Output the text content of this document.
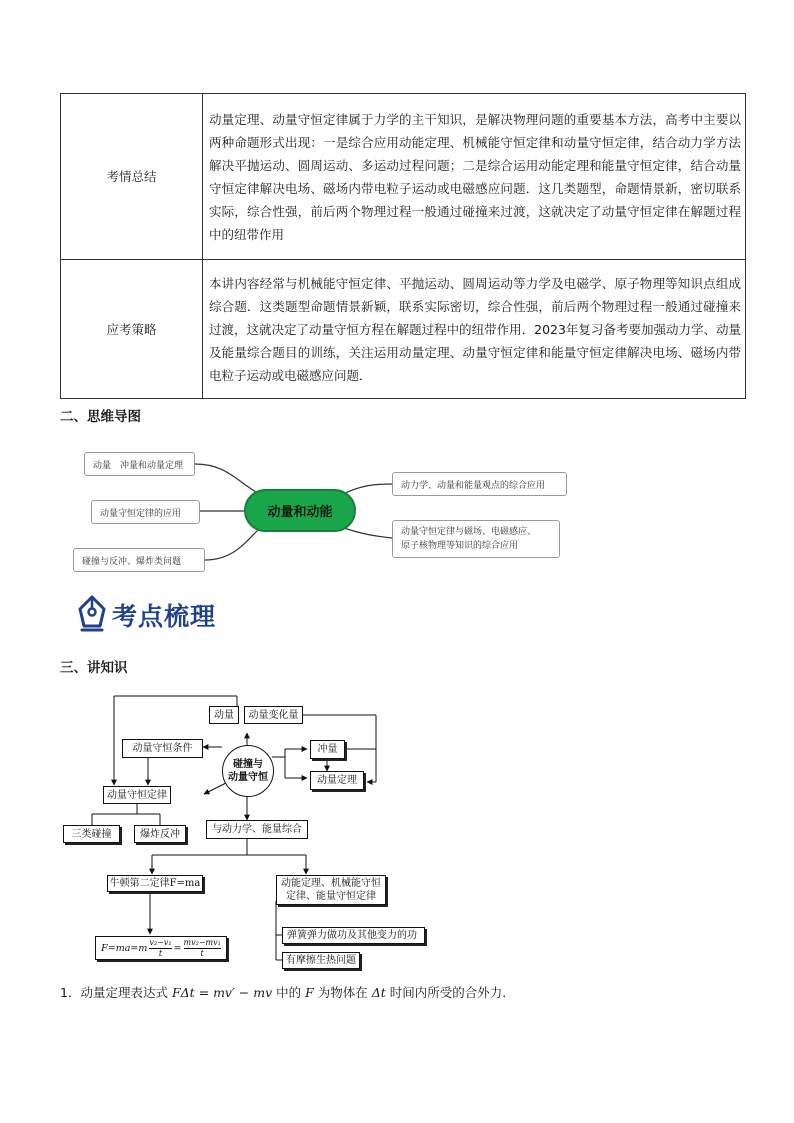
考情总结	动量定理、动量守恒定律属于力学的主干知识，是解决物理问题的重要基本方法，高考中主要以两种命题形式出现：一是综合应用动能定理、机械能守恒定律和动量守恒定律，结合动力学方法解决平抛运动、圆周运动、多运动过程问题；二是综合运用动能定理和能量守恒定律，结合动量守恒定律解决电场、磁场内带电粒子运动或电磁感应问题．这几类题型，命题情景新，密切联系实际，综合性强，前后两个物理过程一般通过碰撞来过渡，这就决定了动量守恒定律在解题过程中的纽带作用
应考策略	本讲内容经常与机械能守恒定律、平抛运动、圆周运动等力学及电磁学、原子物理等知识点组成综合题．这类题型命题情景新颖，联系实际密切，综合性强，前后两个物理过程一般通过碰撞来过渡，这就决定了动量守恒方程在解题过程中的纽带作用．2023年复习备考要加强动力学、动量及能量综合题目的训练，关注运用动量定理、动量守恒定律和能量守恒定律解决电场、磁场内带电粒子运动或电磁感应问题．
二、思维导图
动量　冲量和动量定理
动量守恒定律的应用
碰撞与反冲、爆炸类问题
动量和动能
动力学、动量和能量观点的综合应用
动量守恒定律与磁场、电磁感应、
原子核物理等知识的综合应用
考点梳理
三、讲知识
动量	动量变化量
动量守恒条件
碰撞与
动量守恒
冲量
动量定理
动量守恒定律
三类碰撞	爆炸反冲	与动力学、能量综合
牛顿第二定律F=ma	动能定理、机械能守恒
定律、能量守恒定律
$F=ma=m \frac{\text{v₂−v₁}}{t} = \frac{\text{mv₂−mv₁}}{t}$
弹簧弹力做功及其他变力的功
有摩擦生热问题
1．动量定理表达式 FΔt = mv′ − mv 中的 F 为物体在 Δt 时间内所受的合外力．
